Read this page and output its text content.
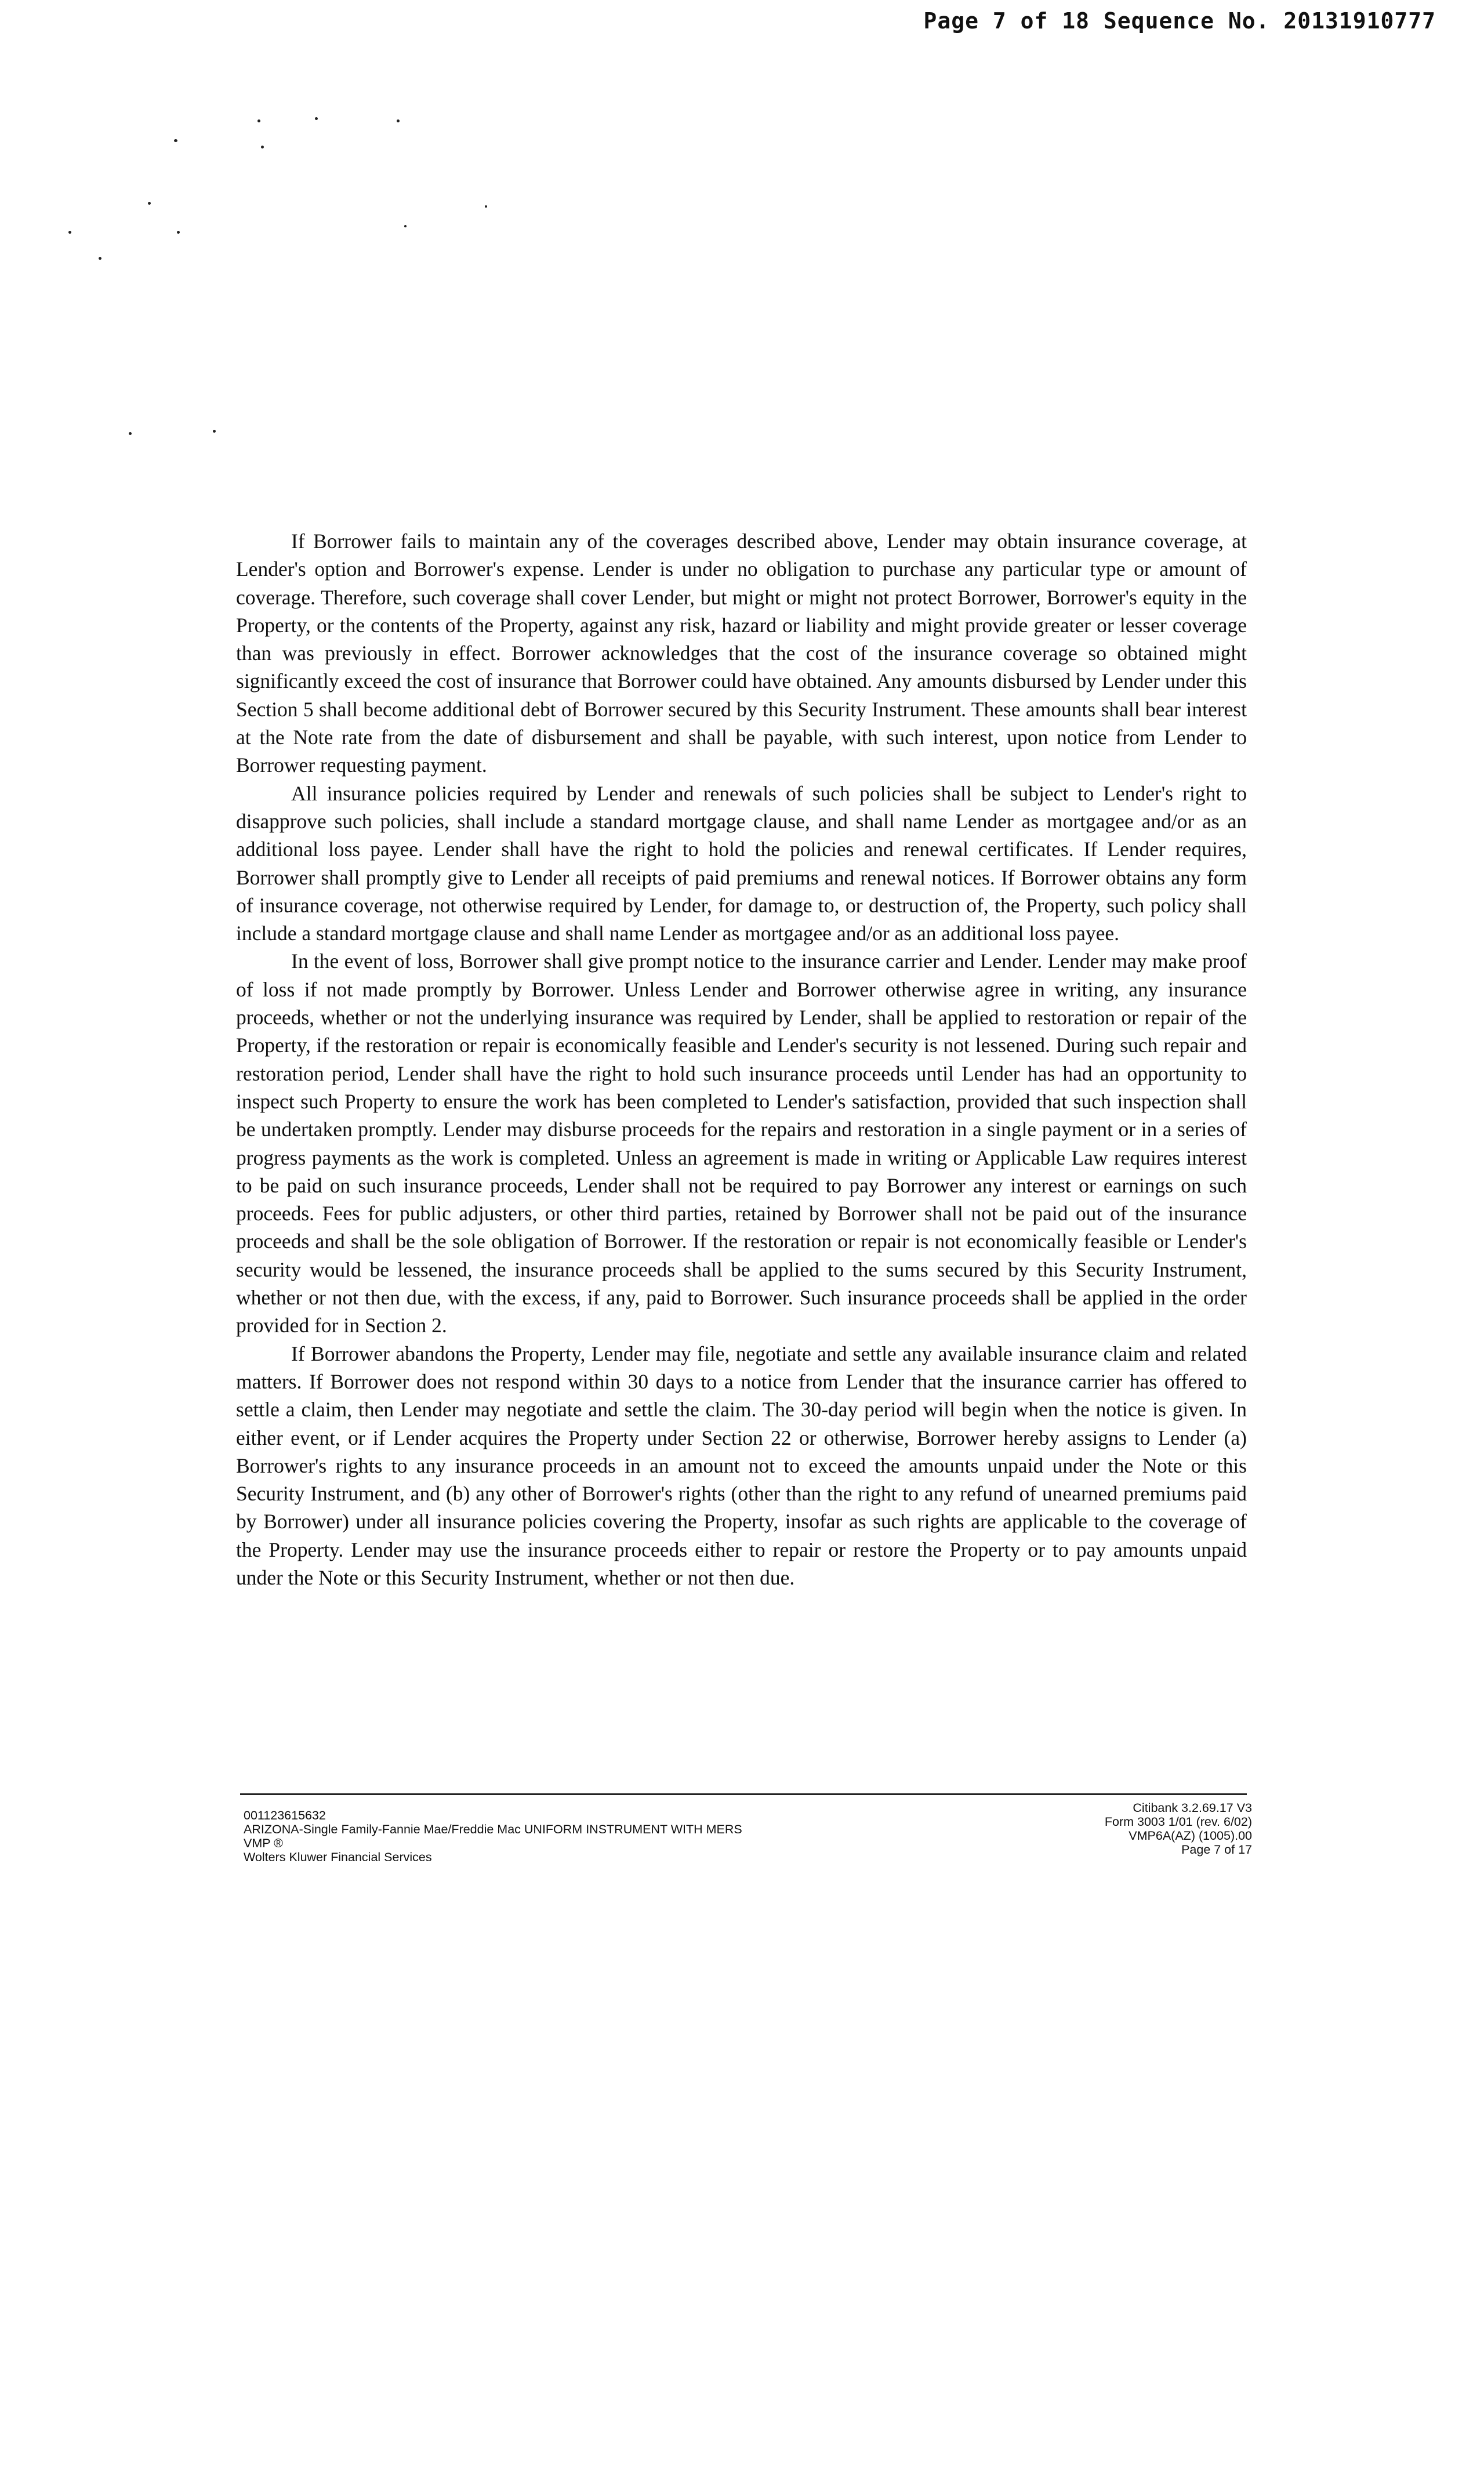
Page 7 of 18 Sequence No. 20131910777

If Borrower fails to maintain any of the coverages described above, Lender may obtain insurance coverage, at Lender's option and Borrower's expense. Lender is under no obligation to purchase any particular type or amount of coverage. Therefore, such coverage shall cover Lender, but might or might not protect Borrower, Borrower's equity in the Property, or the contents of the Property, against any risk, hazard or liability and might provide greater or lesser coverage than was previously in effect. Borrower acknowledges that the cost of the insurance coverage so obtained might significantly exceed the cost of insurance that Borrower could have obtained. Any amounts disbursed by Lender under this Section 5 shall become additional debt of Borrower secured by this Security Instrument. These amounts shall bear interest at the Note rate from the date of disbursement and shall be payable, with such interest, upon notice from Lender to Borrower requesting payment.

All insurance policies required by Lender and renewals of such policies shall be subject to Lender's right to disapprove such policies, shall include a standard mortgage clause, and shall name Lender as mortgagee and/or as an additional loss payee. Lender shall have the right to hold the policies and renewal certificates. If Lender requires, Borrower shall promptly give to Lender all receipts of paid premiums and renewal notices. If Borrower obtains any form of insurance coverage, not otherwise required by Lender, for damage to, or destruction of, the Property, such policy shall include a standard mortgage clause and shall name Lender as mortgagee and/or as an additional loss payee.

In the event of loss, Borrower shall give prompt notice to the insurance carrier and Lender. Lender may make proof of loss if not made promptly by Borrower. Unless Lender and Borrower otherwise agree in writing, any insurance proceeds, whether or not the underlying insurance was required by Lender, shall be applied to restoration or repair of the Property, if the restoration or repair is economically feasible and Lender's security is not lessened. During such repair and restoration period, Lender shall have the right to hold such insurance proceeds until Lender has had an opportunity to inspect such Property to ensure the work has been completed to Lender's satisfaction, provided that such inspection shall be undertaken promptly. Lender may disburse proceeds for the repairs and restoration in a single payment or in a series of progress payments as the work is completed. Unless an agreement is made in writing or Applicable Law requires interest to be paid on such insurance proceeds, Lender shall not be required to pay Borrower any interest or earnings on such proceeds. Fees for public adjusters, or other third parties, retained by Borrower shall not be paid out of the insurance proceeds and shall be the sole obligation of Borrower. If the restoration or repair is not economically feasible or Lender's security would be lessened, the insurance proceeds shall be applied to the sums secured by this Security Instrument, whether or not then due, with the excess, if any, paid to Borrower. Such insurance proceeds shall be applied in the order provided for in Section 2.

If Borrower abandons the Property, Lender may file, negotiate and settle any available insurance claim and related matters. If Borrower does not respond within 30 days to a notice from Lender that the insurance carrier has offered to settle a claim, then Lender may negotiate and settle the claim. The 30-day period will begin when the notice is given. In either event, or if Lender acquires the Property under Section 22 or otherwise, Borrower hereby assigns to Lender (a) Borrower's rights to any insurance proceeds in an amount not to exceed the amounts unpaid under the Note or this Security Instrument, and (b) any other of Borrower's rights (other than the right to any refund of unearned premiums paid by Borrower) under all insurance policies covering the Property, insofar as such rights are applicable to the coverage of the Property. Lender may use the insurance proceeds either to repair or restore the Property or to pay amounts unpaid under the Note or this Security Instrument, whether or not then due.

001123615632
ARIZONA-Single Family-Fannie Mae/Freddie Mac UNIFORM INSTRUMENT WITH MERS
VMP ®
Wolters Kluwer Financial Services
Citibank 3.2.69.17 V3
Form 3003 1/01 (rev. 6/02)
VMP6A(AZ) (1005).00
Page 7 of 17
